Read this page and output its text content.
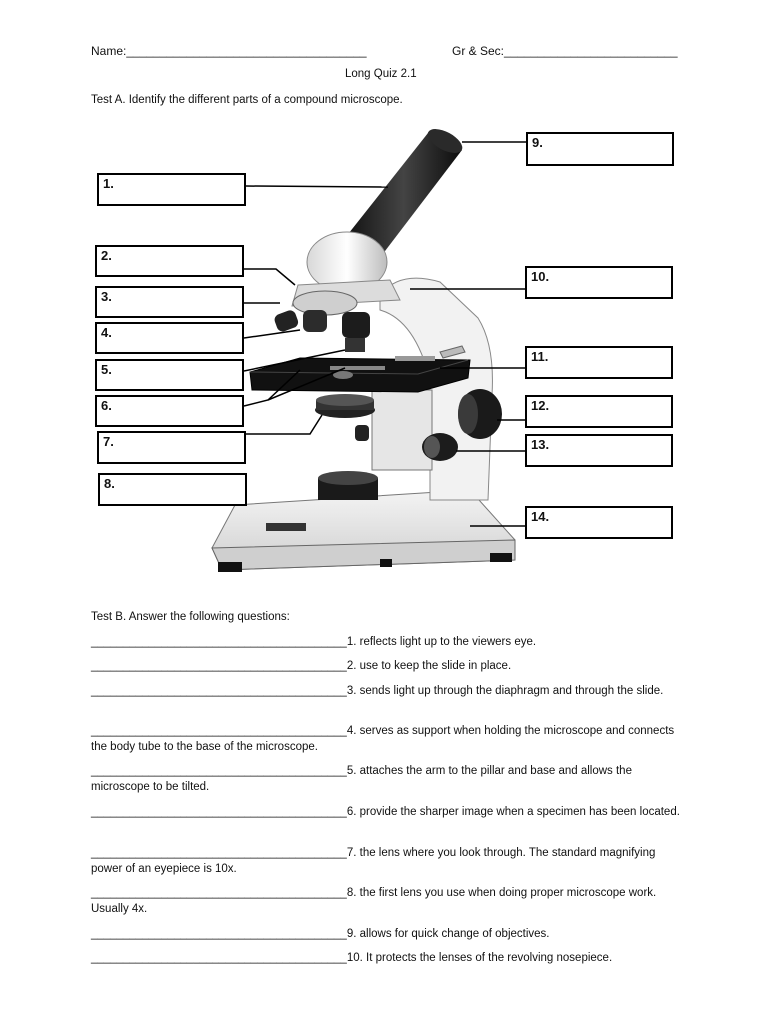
Name:____________________________________	Gr & Sec:__________________________
Long Quiz 2.1
Test A. Identify the different parts of a compound microscope.
1.
2.
3.
4.
5.
6.
7.
8.
9.
10.
11.
12.
13.
14.
Test B. Answer the following questions:
________________________________________1. reflects light up to the viewers eye.
________________________________________2. use to keep the slide in place.
________________________________________3. sends light up through the diaphragm and through the slide.
________________________________________4. serves as support when holding the microscope and connects the body tube to the base of the microscope.
________________________________________5. attaches the arm to the pillar and base and allows the microscope to be tilted.
________________________________________6. provide the sharper image when a specimen has been located.
________________________________________7. the lens where you look through. The standard magnifying power of an eyepiece is 10x.
________________________________________8. the first lens you use when doing proper microscope work. Usually 4x.
________________________________________9. allows for quick change of objectives.
________________________________________10. It protects the lenses of the revolving nosepiece.
